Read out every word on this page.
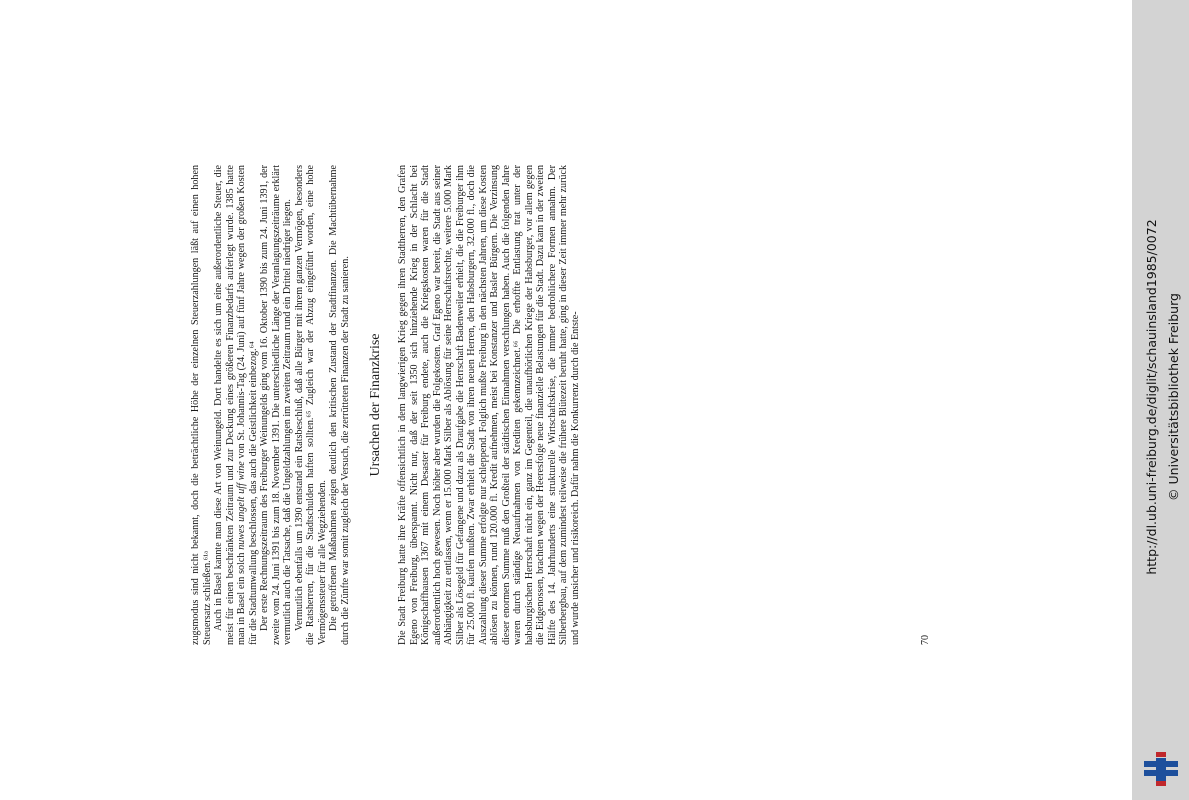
zugsmodus sind nicht bekannt, doch die beträchtliche Höhe der einzelnen Steuerzahlungen läßt auf einen hohen Steuersatz schließen.⁶¹ᵃ Auch in Basel kannte man diese Art von Weinungeld. Dort handelte es sich um eine außerordentliche Steuer, die meist für einen beschränkten Zeitraum und zur Deckung eines größeren Finanzbedarfs auferlegt wurde. 1385 hatte man in Basel ein solch nuwes ungelt uff wine von St. Johannis-Tag (24. Juni) auf fünf Jahre wegen der großen Kosten für die Stadtumwallung beschlossen, das auch die Geistlichkeit einbezog.⁶⁴ Der erste Rechnungszeitraum des Freiburger Weinungelds ging vom 16. Oktober 1390 bis zum 24. Juni 1391, der zweite vom 24. Juni 1391 bis zum 18. November 1391. Die unterschiedliche Länge der Veranlagungszeiträume erklärt vermutlich auch die Tatsache, daß die Ungeldzahlungen im zweiten Zeitraum rund ein Drittel niedriger liegen. Vermutlich ebenfalls um 1390 entstand ein Ratsbeschluß, daß alle Bürger mit ihrem ganzen Vermögen, besonders die Ratsherren, für die Stadtschulden haften sollten.⁶⁵ Zugleich war der Abzug eingeführt worden, eine hohe Vermögenssteuer für alle Wegziehenden. Die getroffenen Maßnahmen zeigen deutlich den kritischen Zustand der Stadtfinanzen. Die Machtübernahme durch die Zünfte war somit zugleich der Versuch, die zerrütteten Finanzen der Stadt zu sanieren. Ursachen der Finanzkrise Die Stadt Freiburg hatte ihre Kräfte offensichtlich in dem langwierigen Krieg gegen ihren Stadtherren, den Grafen Egeno von Freiburg, überspannt. Nicht nur, daß der seit 1350 sich hinziehende Krieg in der Schlacht bei Königschaffhausen 1367 mit einem Desaster für Freiburg endete, auch die Kriegskosten waren für die Stadt außerordentlich hoch gewesen. Noch höher aber wurden die Folgekosten. Graf Egeno war bereit, die Stadt aus seiner Abhängigkeit zu entlassen, wenn er 15.000 Mark Silber als Ablösung für seine Herrschaftsrechte, weitere 5.000 Mark Silber als Lösegeld für Gefangene und dazu als Draufgabe die Herrschaft Badenweiler erhielt, die die Freiburger ihm für 25.000 fl. kaufen mußten. Zwar erhielt die Stadt von ihren neuen Herren, den Habsburgern, 32.000 fl., doch die Auszahlung dieser Summe erfolgte nur schleppend. Folglich mußte Freiburg in den nächsten Jahren, um diese Kosten ablösen zu können, rund 120.000 fl. Kredit aufnehmen, meist bei Konstanzer und Basler Bürgern. Die Verzinsung dieser enormen Summe muß den Großteil der städtischen Einnahmen verschlungen haben. Auch die folgenden Jahre waren durch ständige Neuaufnahmen von Krediten gekennzeichnet.⁶⁶ Die erhoffte Entlastung trat unter der habsburgischen Herrschaft nicht ein, ganz im Gegenteil, die unaufhörlichen Kriege der Habsburger, vor allem gegen die Eidgenossen, brachten wegen der Heeresfolge neue finanzielle Belastungen für die Stadt. Dazu kam in der zweiten Hälfte des 14. Jahrhunderts eine strukturelle Wirtschaftskrise, die immer bedrohlichere Formen annahm. Der Silberbergbau, auf dem zumindest teilweise die frühere Blütezeit beruht hatte, ging in dieser Zeit immer mehr zurück und wurde unsicher und risikoreich. Dafür nahm die Konkurrenz durch die Entste-	70
http://dl.ub.uni-freiburg.de/diglit/schauinsland1985/0072 © Universitätsbibliothek Freiburg
